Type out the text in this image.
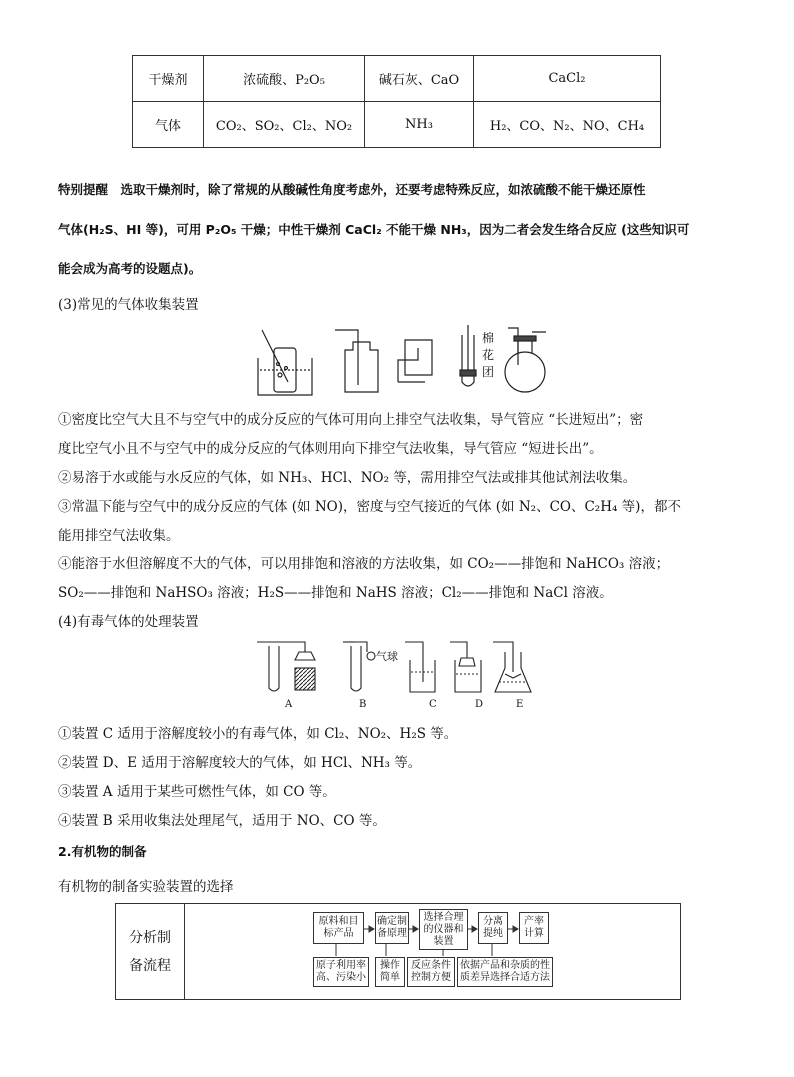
干燥剂	浓硫酸、P₂O₅	碱石灰、CaO	CaCl₂
气体	CO₂、SO₂、Cl₂、NO₂	NH₃	H₂、CO、N₂、NO、CH₄
特别提醒　选取干燥剂时，除了常规的从酸碱性角度考虑外，还要考虑特殊反应，如浓硫酸不能干燥还原性
气体(H₂S、HI 等)，可用 P₂O₅ 干燥；中性干燥剂 CaCl₂ 不能干燥 NH₃，因为二者会发生络合反应 (这些知识可
能会成为高考的设题点)。
(3)常见的气体收集装置
棉花团
①密度比空气大且不与空气中的成分反应的气体可用向上排空气法收集，导气管应 “长进短出”；密
度比空气小且不与空气中的成分反应的气体则用向下排空气法收集，导气管应 “短进长出”。
②易溶于水或能与水反应的气体，如 NH₃、HCl、NO₂ 等，需用排空气法或排其他试剂法收集。
③常温下能与空气中的成分反应的气体 (如 NO)，密度与空气接近的气体 (如 N₂、CO、C₂H₄ 等)，都不
能用排空气法收集。
④能溶于水但溶解度不大的气体，可以用排饱和溶液的方法收集，如 CO₂——排饱和 NaHCO₃ 溶液；
SO₂——排饱和 NaHSO₃ 溶液；H₂S——排饱和 NaHS 溶液；Cl₂——排饱和 NaCl 溶液。
(4)有毒气体的处理装置
气球
A	B	C	D	E
①装置 C 适用于溶解度较小的有毒气体，如 Cl₂、NO₂、H₂S 等。
②装置 D、E 适用于溶解度较大的气体，如 HCl、NH₃ 等。
③装置 A 适用于某些可燃性气体，如 CO 等。
④装置 B 采用收集法处理尾气，适用于 NO、CO 等。
2.有机物的制备
有机物的制备实验装置的选择
分析制备流程
原料和目标产品
确定制备原理
选择合理的仪器和装置
分离提纯
产率计算
原子利用率高、污染小
操作简单
反应条件控制方便
依据产品和杂质的性质差异选择合适方法
